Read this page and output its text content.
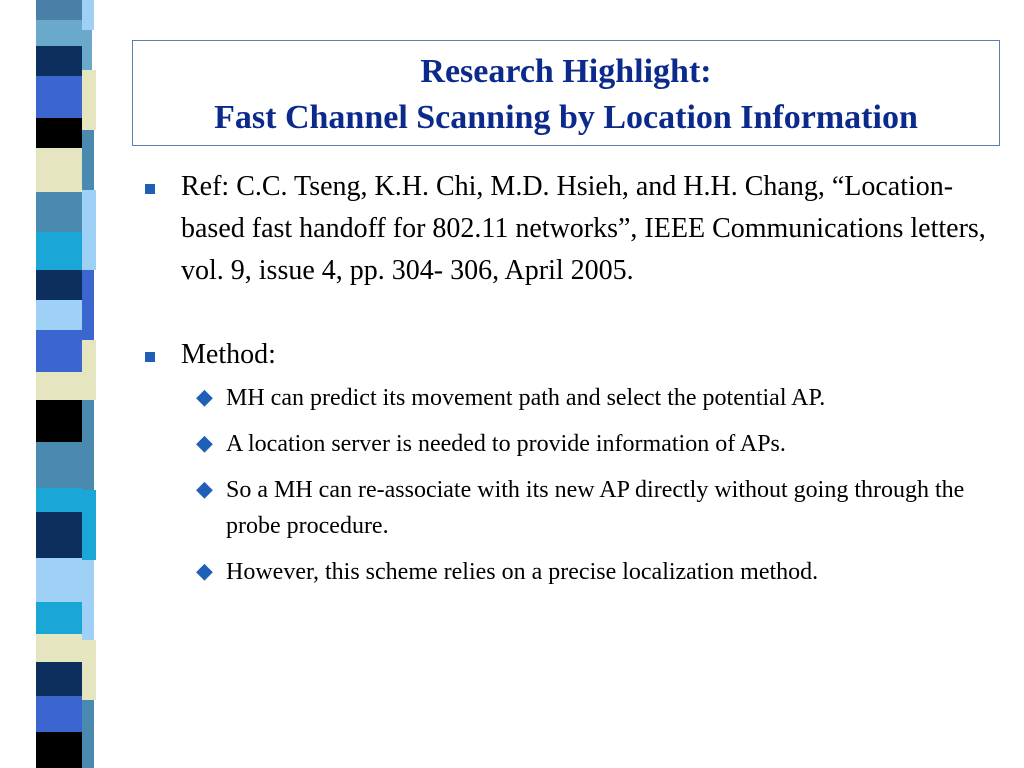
Research Highlight:
Fast Channel Scanning by Location Information
Ref: C.C. Tseng, K.H. Chi, M.D. Hsieh, and H.H. Chang, “Location-based fast handoff for 802.11 networks”, IEEE Communications letters, vol. 9, issue 4, pp. 304- 306, April 2005.
Method:
◆ MH can predict its movement path and select the potential AP.
◆ A location server is needed to provide information of APs.
◆ So a MH can re-associate with its new AP directly without going through the probe procedure.
◆ However, this scheme relies on a precise localization method.
